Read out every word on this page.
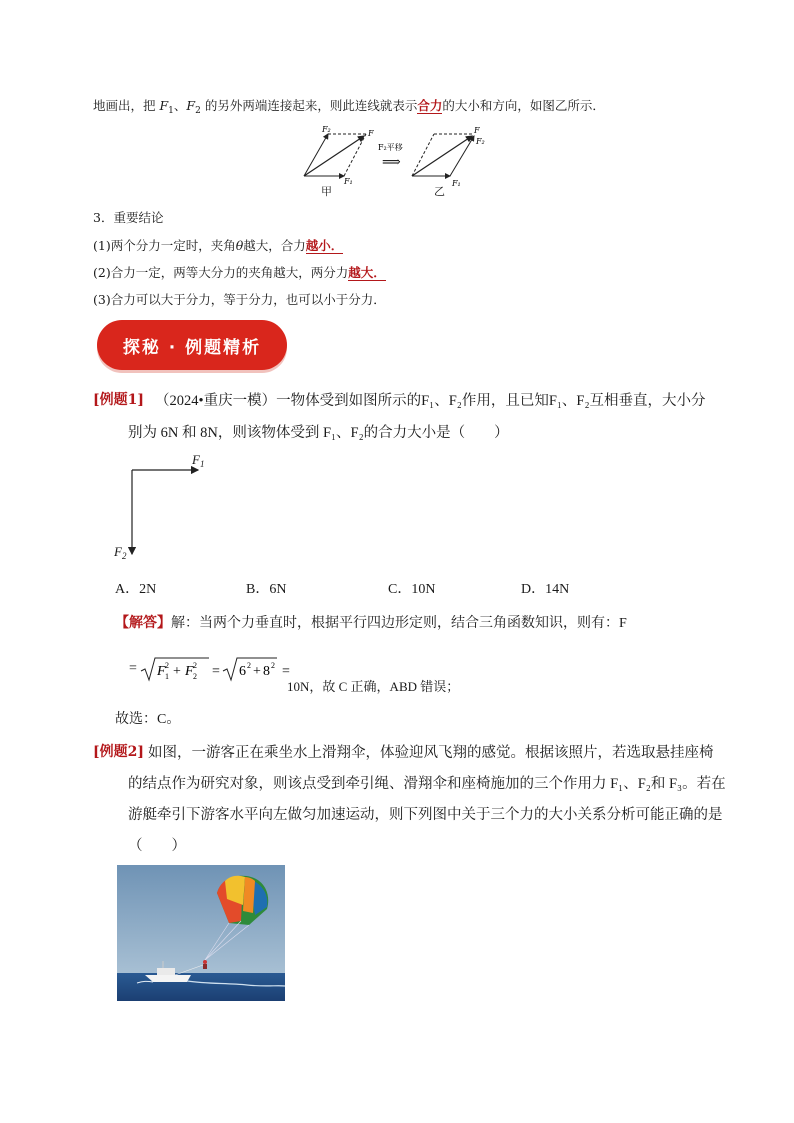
地画出，把 $F_1$、$F_2$ 的另外两端连接起来，则此连线就表示合力的大小和方向，如图乙所示．
F₂	F
F₁
F₂平移
⟹
F
F₂
F₁
甲	乙
3．重要结论
(1)两个分力一定时，夹角θ越大，合力越小．
(2)合力一定，两等大分力的夹角越大，两分力越大．
(3)合力可以大于分力，等于分力，也可以小于分力．
探秘 · 例题精析
[例题1] （2024•重庆一模）一物体受到如图所示的F₁、F₂作用，且已知F₁、F₂互相垂直，大小分
别为 6N 和 8N，则该物体受到 F₁、F₂的合力大小是（　　）
$F_1$
$F_2$
A．2N	B．6N	C．10N	D．14N
【解答】解：当两个力垂直时，根据平行四边形定则，结合三角函数知识，则有：F
= F 2
1 + F 2
2 = 6 2 + 8 2 =
10N，故 C 正确，ABD 错误；
故选：C。
[例题2] 如图，一游客正在乘坐水上滑翔伞，体验迎风飞翔的感觉。根据该照片，若选取悬挂座椅
的结点作为研究对象，则该点受到牵引绳、滑翔伞和座椅施加的三个作用力 F₁、F₂和 F₃。若在
游艇牵引下游客水平向左做匀加速运动，则下列图中关于三个力的大小关系分析可能正确的是
（　　）
